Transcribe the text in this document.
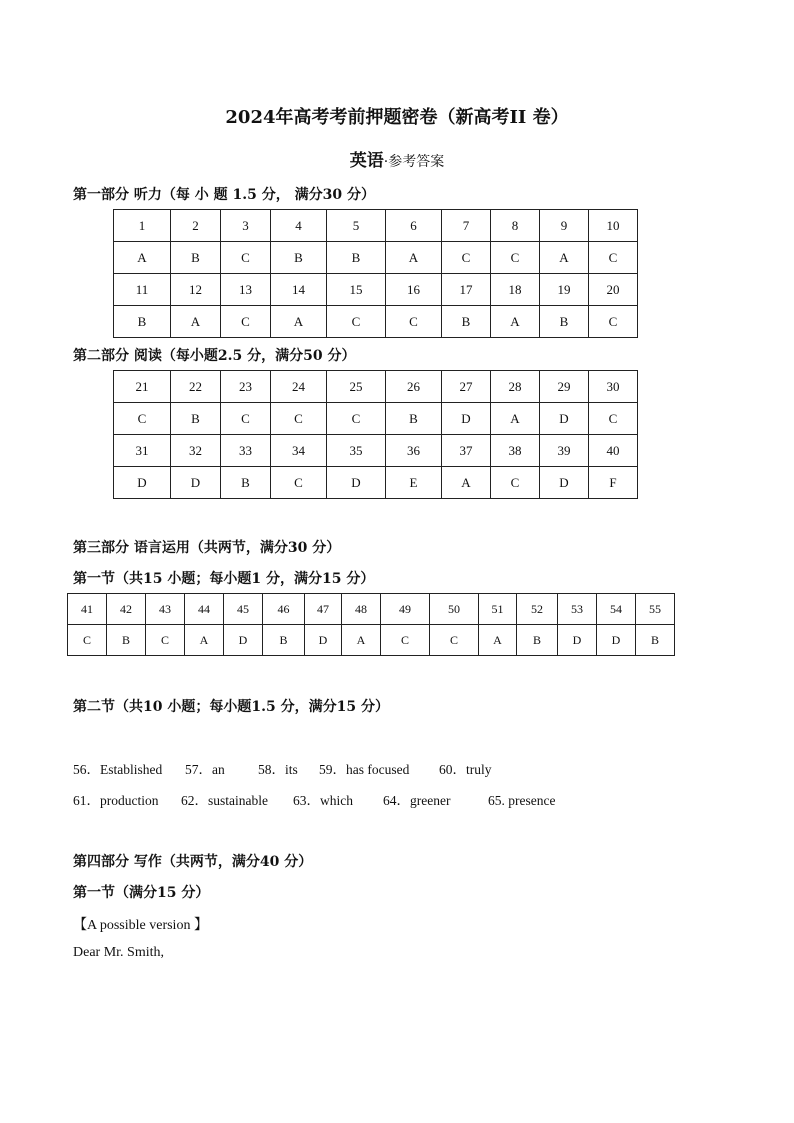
2024年高考考前押题密卷（新高考II 卷）
英语·参考答案
第一部分 听力（每 小 题 1.5 分， 满分30 分）
1	2	3	4	5	6	7	8	9	10
A	B	C	B	B	A	C	C	A	C
11	12	13	14	15	16	17	18	19	20
B	A	C	A	C	C	B	A	B	C
第二部分 阅读（每小题2.5 分，满分50 分）
21	22	23	24	25	26	27	28	29	30
C	B	C	C	C	B	D	A	D	C
31	32	33	34	35	36	37	38	39	40
D	D	B	C	D	E	A	C	D	F
第三部分 语言运用（共两节，满分30 分）
第一节（共15 小题；每小题1 分，满分15 分）
41	42	43	44	45	46	47	48	49	50	51	52	53	54	55
C	B	C	A	D	B	D	A	C	C	A	B	D	D	B
第二节（共10 小题；每小题1.5 分，满分15 分）
56．Established 57．an 58．its 59．has focused 60．truly
61．production 62．sustainable 63．which 64．greener	65. presence
第四部分 写作（共两节，满分40 分）
第一节（满分15 分）
【A possible version 】
Dear Mr. Smith,
